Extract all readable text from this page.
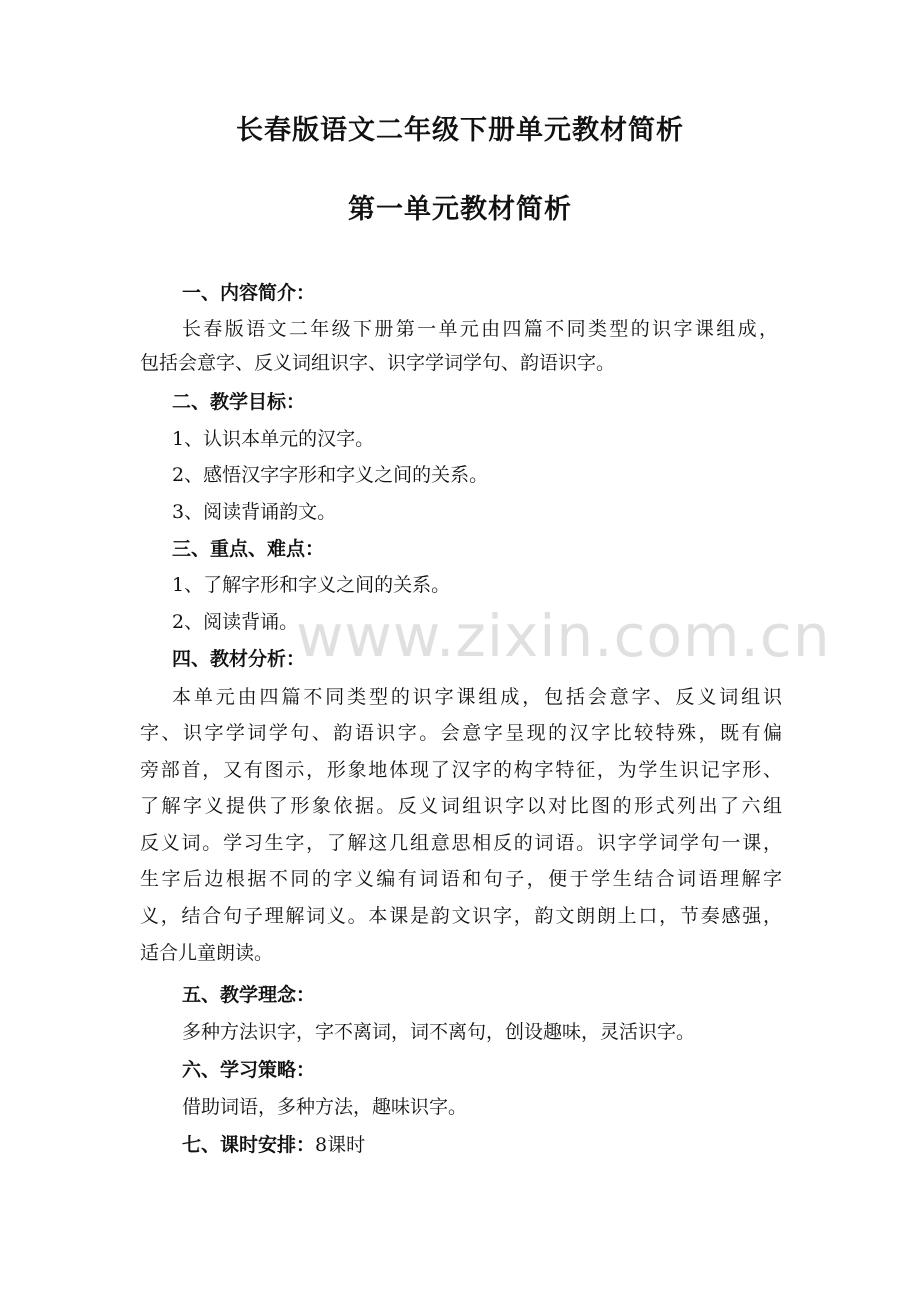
长春版语文二年级下册单元教材简析
第一单元教材简析
一、内容简介：
长春版语文二年级下册第一单元由四篇不同类型的识字课组成，
包括会意字、反义词组识字、识字学词学句、韵语识字。
二、教学目标：
1、认识本单元的汉字。
2、感悟汉字字形和字义之间的关系。
3、阅读背诵韵文。
三、重点、难点：
1、了解字形和字义之间的关系。
2、阅读背诵。
四、教材分析：
本单元由四篇不同类型的识字课组成，包括会意字、反义词组识
字、识字学词学句、韵语识字。会意字呈现的汉字比较特殊，既有偏
旁部首，又有图示，形象地体现了汉字的构字特征，为学生识记字形、
了解字义提供了形象依据。反义词组识字以对比图的形式列出了六组
反义词。学习生字，了解这几组意思相反的词语。识字学词学句一课，
生字后边根据不同的字义编有词语和句子，便于学生结合词语理解字
义，结合句子理解词义。本课是韵文识字，韵文朗朗上口，节奏感强，
适合儿童朗读。
五、教学理念：
多种方法识字，字不离词，词不离句，创设趣味，灵活识字。
六、学习策略：
借助词语，多种方法，趣味识字。
七、课时安排：8课时
www.zixin.com.cn
